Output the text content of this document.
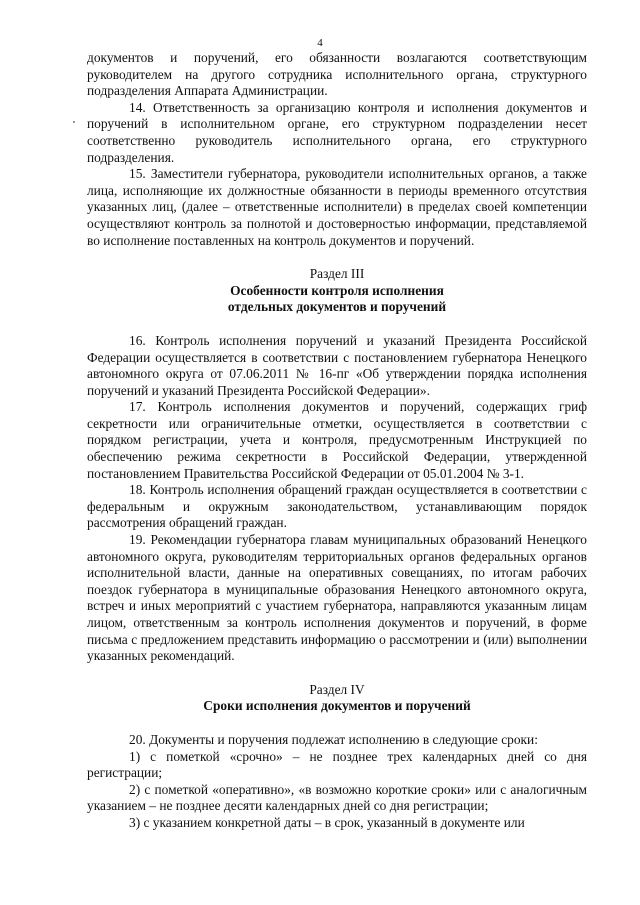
4

документов и поручений, его обязанности возлагаются соответствующим руководителем на другого сотрудника исполнительного органа, структурного подразделения Аппарата Администрации.

14. Ответственность за организацию контроля и исполнения документов и поручений в исполнительном органе, его структурном подразделении несет соответственно руководитель исполнительного органа, его структурного подразделения.

15. Заместители губернатора, руководители исполнительных органов, а также лица, исполняющие их должностные обязанности в периоды временного отсутствия указанных лиц, (далее – ответственные исполнители) в пределах своей компетенции осуществляют контроль за полнотой и достоверностью информации, представляемой во исполнение поставленных на контроль документов и поручений.

Раздел III
Особенности контроля исполнения
отдельных документов и поручений

16. Контроль исполнения поручений и указаний Президента Российской Федерации осуществляется в соответствии с постановлением губернатора Ненецкого автономного округа от 07.06.2011 № 16-пг «Об утверждении порядка исполнения поручений и указаний Президента Российской Федерации».

17. Контроль исполнения документов и поручений, содержащих гриф секретности или ограничительные отметки, осуществляется в соответствии с порядком регистрации, учета и контроля, предусмотренным Инструкцией по обеспечению режима секретности в Российской Федерации, утвержденной постановлением Правительства Российской Федерации от 05.01.2004 № 3-1.

18. Контроль исполнения обращений граждан осуществляется в соответствии с федеральным и окружным законодательством, устанавливающим порядок рассмотрения обращений граждан.

19. Рекомендации губернатора главам муниципальных образований Ненецкого автономного округа, руководителям территориальных органов федеральных органов исполнительной власти, данные на оперативных совещаниях, по итогам рабочих поездок губернатора в муниципальные образования Ненецкого автономного округа, встреч и иных мероприятий с участием губернатора, направляются указанным лицам лицом, ответственным за контроль исполнения документов и поручений, в форме письма с предложением представить информацию о рассмотрении и (или) выполнении указанных рекомендаций.

Раздел IV
Сроки исполнения документов и поручений

20. Документы и поручения подлежат исполнению в следующие сроки:

1) с пометкой «срочно» – не позднее трех календарных дней со дня регистрации;

2) с пометкой «оперативно», «в возможно короткие сроки» или с аналогичным указанием – не позднее десяти календарных дней со дня регистрации;

3) с указанием конкретной даты – в срок, указанный в документе или
